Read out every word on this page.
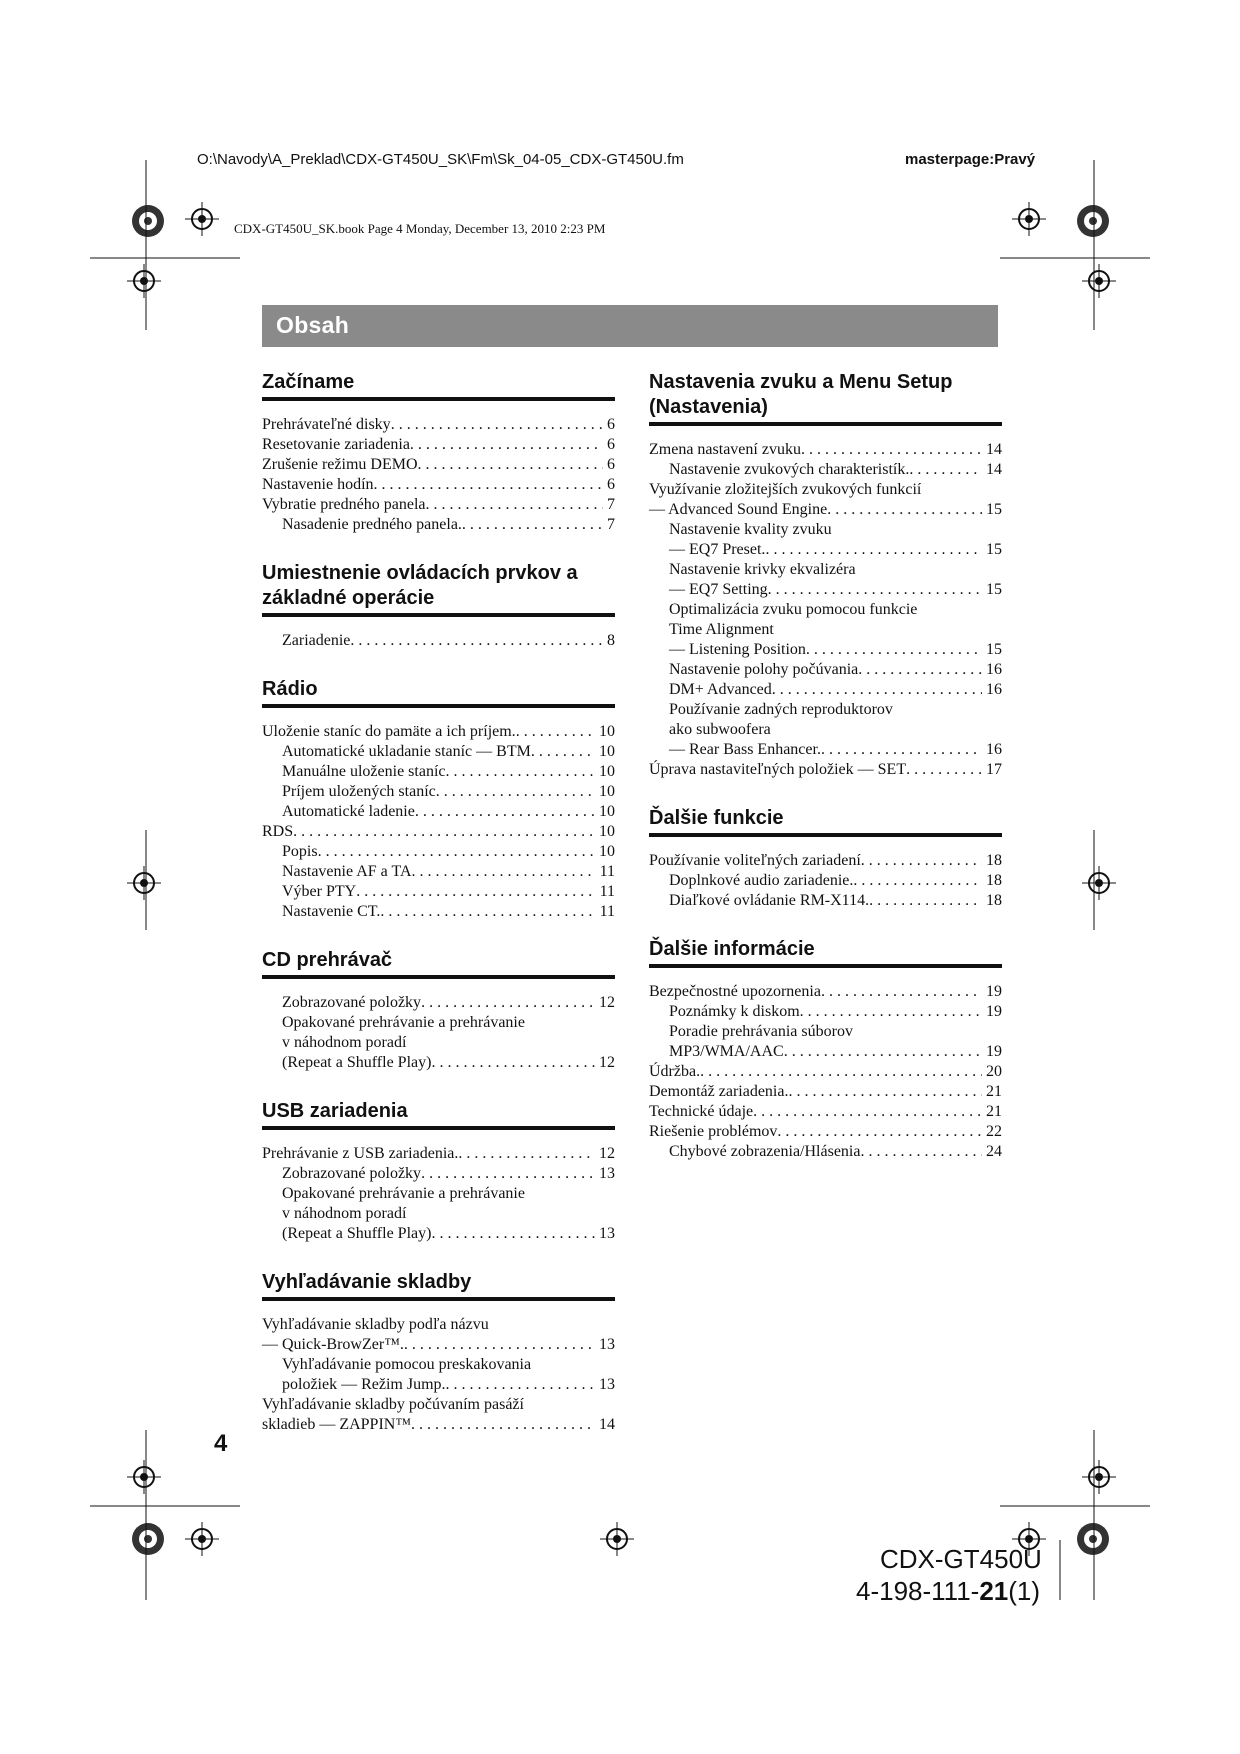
O:\Navody\A_Preklad\CDX-GT450U_SK\Fm\Sk_04-05_CDX-GT450U.fm	masterpage:Pravý
CDX-GT450U_SK.book Page 4 Monday, December 13, 2010 2:23 PM
Obsah
Začíname
Prehrávateľné disky . . .	6
Resetovanie zariadenia . . .	6
Zrušenie režimu DEMO . . .	6
Nastavenie hodín . . .	6
Vybratie predného panela . . .	7
Nasadenie predného panela. . . .	7
Umiestnenie ovládacích prvkov a základné operácie
Zariadenie . . .	8
Rádio
Uloženie staníc do pamäte a ich príjem. . . .	10
Automatické ukladanie staníc — BTM . . .	10
Manuálne uloženie staníc . . .	10
Príjem uložených staníc . . .	10
Automatické ladenie . . .	10
RDS . . .	10
Popis . . .	10
Nastavenie AF a TA . . .	11
Výber PTY . . .	11
Nastavenie CT. . . .	11
CD prehrávač
Zobrazované položky . . .	12
Opakované prehrávanie a prehrávanie
v náhodnom poradí
(Repeat a Shuffle Play) . . .	12
USB zariadenia
Prehrávanie z USB zariadenia. . . .	12
Zobrazované položky . . .	13
Opakované prehrávanie a prehrávanie
v náhodnom poradí
(Repeat a Shuffle Play) . . .	13
Vyhľadávanie skladby
Vyhľadávanie skladby podľa názvu
— Quick-BrowZer™. . . .	13
Vyhľadávanie pomocou preskakovania
položiek — Režim Jump. . . .	13
Vyhľadávanie skladby počúvaním pasáží
skladieb — ZAPPIN™ . . .	14
Nastavenia zvuku a Menu Setup (Nastavenia)
Zmena nastavení zvuku . . .	14
Nastavenie zvukových charakteristík. . . .	14
Využívanie zložitejších zvukových funkcií
— Advanced Sound Engine . . .	15
Nastavenie kvality zvuku
— EQ7 Preset. . . .	15
Nastavenie krivky ekvalizéra
— EQ7 Setting . . .	15
Optimalizácia zvuku pomocou funkcie
Time Alignment
— Listening Position . . .	15
Nastavenie polohy počúvania . . .	16
DM+ Advanced . . .	16
Používanie zadných reproduktorov
ako subwoofera
— Rear Bass Enhancer. . . .	16
Úprava nastaviteľných položiek — SET . . .	17
Ďalšie funkcie
Používanie voliteľných zariadení . . .	18
Doplnkové audio zariadenie. . . .	18
Diaľkové ovládanie RM-X114. . . .	18
Ďalšie informácie
Bezpečnostné upozornenia . . .	19
Poznámky k diskom . . .	19
Poradie prehrávania súborov
MP3/WMA/AAC . . .	19
Údržba. . . .	20
Demontáž zariadenia. . . .	21
Technické údaje . . .	21
Riešenie problémov . . .	22
Chybové zobrazenia/Hlásenia . . .	24
4
CDX-GT450U
4-198-111-21(1)
